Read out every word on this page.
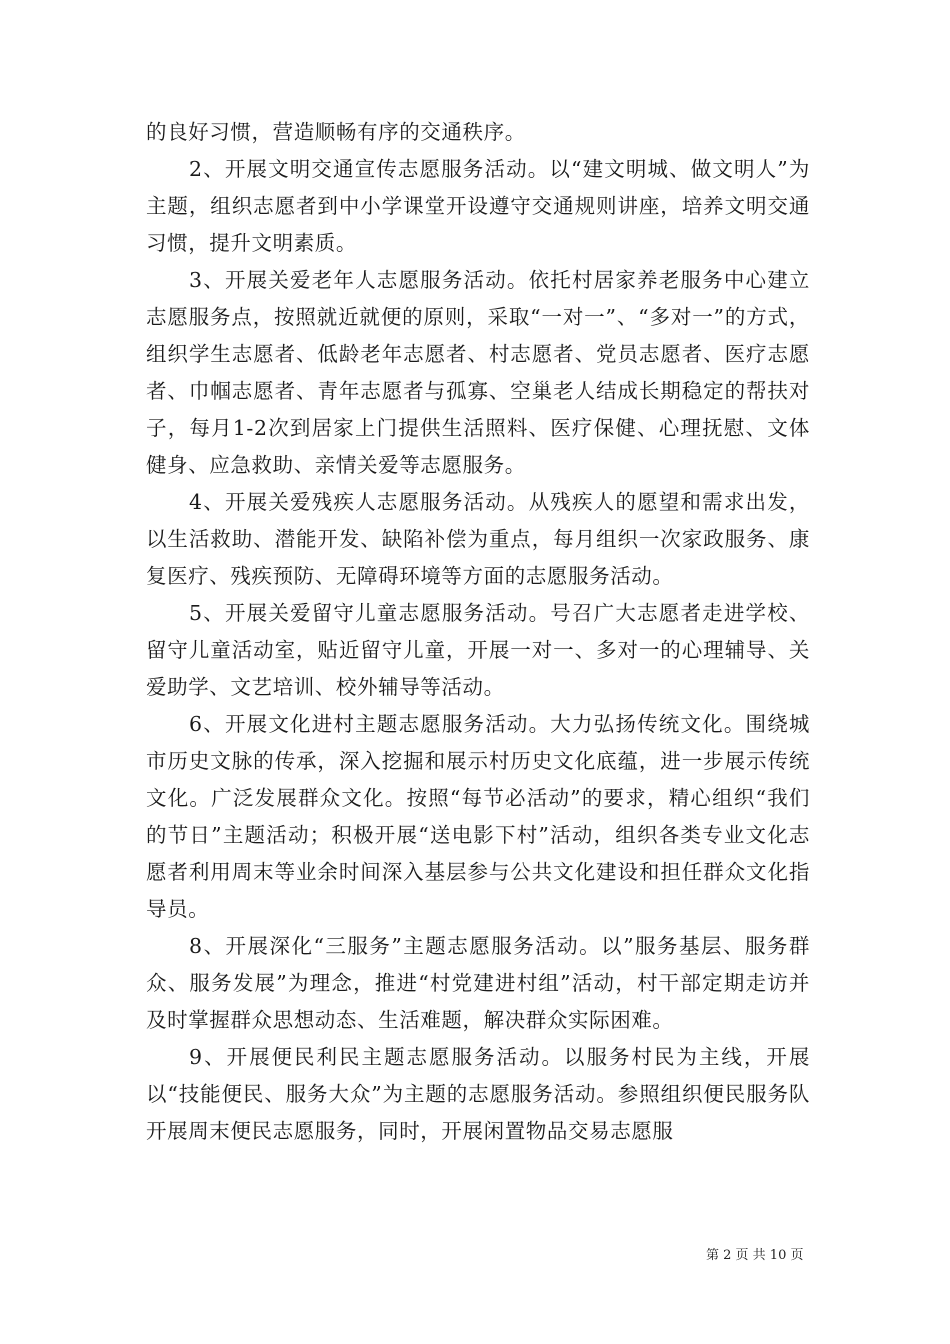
的良好习惯，营造顺畅有序的交通秩序。

2、开展文明交通宣传志愿服务活动。以“建文明城、做文明人”为主题，组织志愿者到中小学课堂开设遵守交通规则讲座，培养文明交通习惯，提升文明素质。

3、开展关爱老年人志愿服务活动。依托村居家养老服务中心建立志愿服务点，按照就近就便的原则，采取“一对一”、“多对一”的方式，组织学生志愿者、低龄老年志愿者、村志愿者、党员志愿者、医疗志愿者、巾帼志愿者、青年志愿者与孤寡、空巢老人结成长期稳定的帮扶对子，每月1-2次到居家上门提供生活照料、医疗保健、心理抚慰、文体健身、应急救助、亲情关爱等志愿服务。

4、开展关爱残疾人志愿服务活动。从残疾人的愿望和需求出发，以生活救助、潜能开发、缺陷补偿为重点，每月组织一次家政服务、康复医疗、残疾预防、无障碍环境等方面的志愿服务活动。

5、开展关爱留守儿童志愿服务活动。号召广大志愿者走进学校、留守儿童活动室，贴近留守儿童，开展一对一、多对一的心理辅导、关爱助学、文艺培训、校外辅导等活动。

6、开展文化进村主题志愿服务活动。大力弘扬传统文化。围绕城市历史文脉的传承，深入挖掘和展示村历史文化底蕴，进一步展示传统文化。广泛发展群众文化。按照“每节必活动”的要求，精心组织“我们的节日”主题活动；积极开展“送电影下村”活动，组织各类专业文化志愿者利用周末等业余时间深入基层参与公共文化建设和担任群众文化指导员。

8、开展深化“三服务”主题志愿服务活动。以”服务基层、服务群众、服务发展”为理念，推进“村党建进村组”活动，村干部定期走访并及时掌握群众思想动态、生活难题，解决群众实际困难。

9、开展便民利民主题志愿服务活动。以服务村民为主线，开展以“技能便民、服务大众”为主题的志愿服务活动。参照组织便民服务队开展周末便民志愿服务，同时，开展闲置物品交易志愿服

第 2 页 共 10 页
